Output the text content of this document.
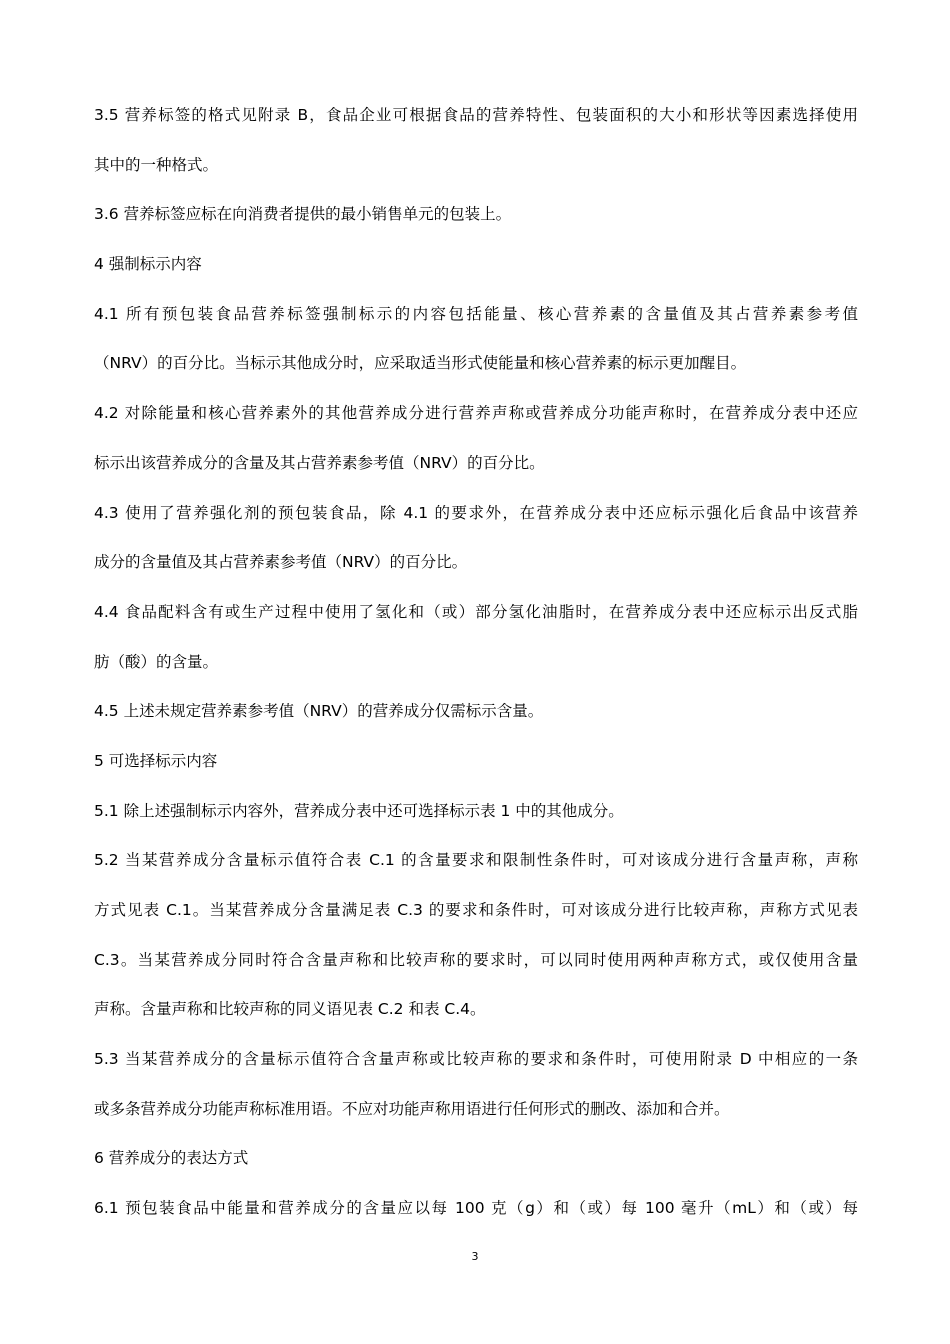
3.5 营养标签的格式见附录 B，食品企业可根据食品的营养特性、包装面积的大小和形状等因素选择使用
其中的一种格式。
3.6 营养标签应标在向消费者提供的最小销售单元的包装上。
4 强制标示内容
4.1 所有预包装食品营养标签强制标示的内容包括能量、核心营养素的含量值及其占营养素参考值
（NRV）的百分比。当标示其他成分时，应采取适当形式使能量和核心营养素的标示更加醒目。
4.2 对除能量和核心营养素外的其他营养成分进行营养声称或营养成分功能声称时，在营养成分表中还应
标示出该营养成分的含量及其占营养素参考值（NRV）的百分比。
4.3 使用了营养强化剂的预包装食品，除 4.1 的要求外，在营养成分表中还应标示强化后食品中该营养
成分的含量值及其占营养素参考值（NRV）的百分比。
4.4 食品配料含有或生产过程中使用了氢化和（或）部分氢化油脂时，在营养成分表中还应标示出反式脂
肪（酸）的含量。
4.5 上述未规定营养素参考值（NRV）的营养成分仅需标示含量。
5 可选择标示内容
5.1 除上述强制标示内容外，营养成分表中还可选择标示表 1 中的其他成分。
5.2 当某营养成分含量标示值符合表 C.1 的含量要求和限制性条件时，可对该成分进行含量声称，声称
方式见表 C.1。当某营养成分含量满足表 C.3 的要求和条件时，可对该成分进行比较声称，声称方式见表
C.3。当某营养成分同时符合含量声称和比较声称的要求时，可以同时使用两种声称方式，或仅使用含量
声称。含量声称和比较声称的同义语见表 C.2 和表 C.4。
5.3 当某营养成分的含量标示值符合含量声称或比较声称的要求和条件时，可使用附录 D 中相应的一条
或多条营养成分功能声称标准用语。不应对功能声称用语进行任何形式的删改、添加和合并。
6 营养成分的表达方式
6.1 预包装食品中能量和营养成分的含量应以每 100 克（g）和（或）每 100 毫升（mL）和（或）每
3
